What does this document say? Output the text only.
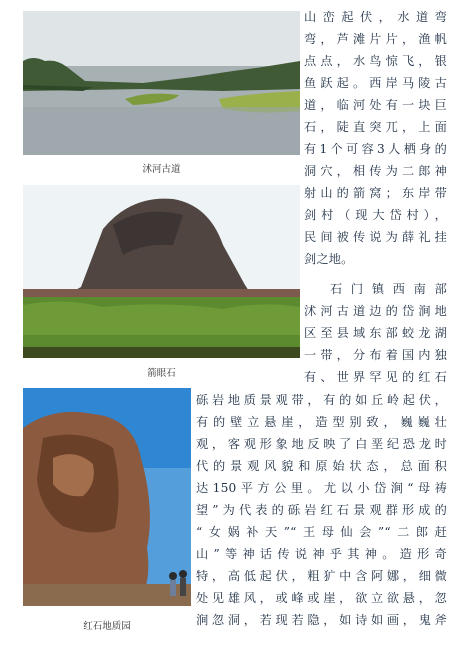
沭河古道
箭眼石
红石地质园
山峦起伏，水道弯
弯，芦滩片片，渔帆
点点，水鸟惊飞，银
鱼跃起。西岸马陵古
道，临河处有一块巨
石，陡直突兀，上面
有1个可容3人栖身的
洞穴，相传为二郎神
射山的箭窝；东岸带
剑村（现大岱村），
民间被传说为薛礼挂
剑之地。
石门镇西南部
沭河古道边的岱涧地
区至县域东部蛟龙湖
一带，分布着国内独
有、世界罕见的红石
砾岩地质景观带，有的如丘岭起伏，
有的壁立悬崖，造型别致，巍巍壮
观，客观形象地反映了白垩纪恐龙时
代的景观风貌和原始状态，总面积
达150平方公里。尤以小岱涧“母祷
望”为代表的砾岩红石景观群形成的
“女娲补天”“王母仙会”“二郎赶
山”等神话传说神乎其神。造形奇
特，高低起伏，粗犷中含阿娜，细微
处见雄风，或峰或崖，欲立欲悬，忽
涧忽洞，若现若隐，如诗如画，鬼斧
